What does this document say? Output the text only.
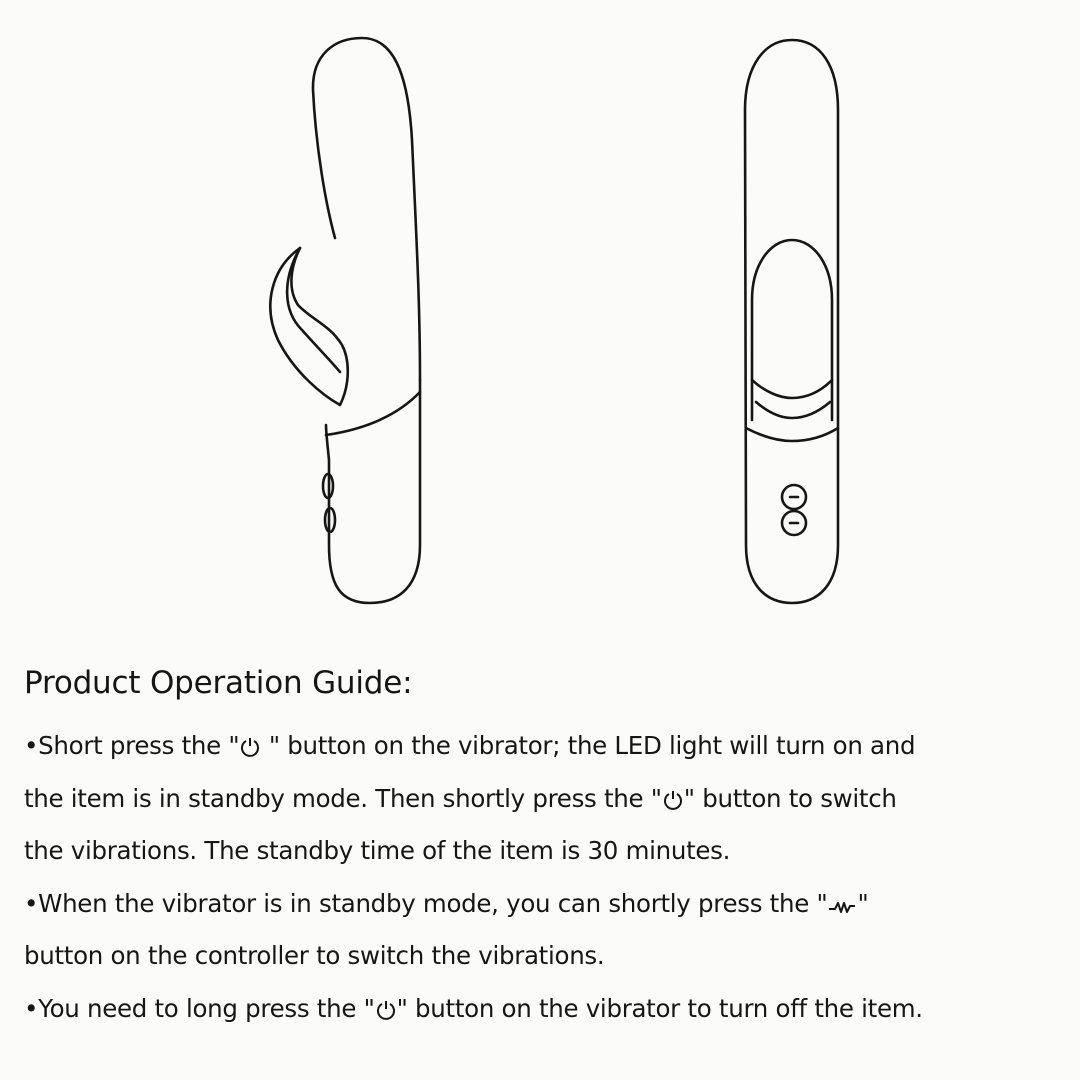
Product Operation Guide:

•Short press the "
" button on the vibrator; the LED light will turn on and

the item is in standby mode. Then shortly press the " " button to switch

the vibrations. The standby time of the item is 30 minutes.

•When the vibrator is in standby mode, you can shortly press the " "

button on the controller to switch the vibrations.

•You need to long press the " " button on the vibrator to turn off the item.
